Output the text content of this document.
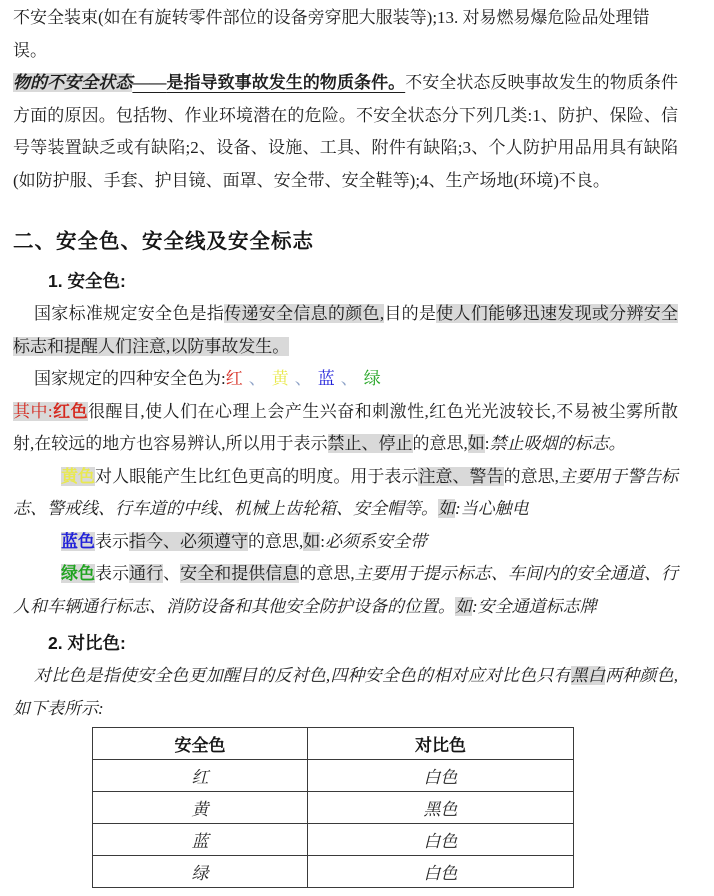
不安全装束(如在有旋转零件部位的设备旁穿肥大服装等);13. 对易燃易爆危险品处理错误。

物的不安全状态——是指导致事故发生的物质条件。不安全状态反映事故发生的物质条件方面的原因。包括物、作业环境潜在的危险。不安全状态分下列几类:1、防护、保险、信号等装置缺乏或有缺陷;2、设备、设施、工具、附件有缺陷;3、个人防护用品用具有缺陷(如防护服、手套、护目镜、面罩、安全带、安全鞋等);4、生产场地(环境)不良。

二、安全色、安全线及安全标志
1. 安全色:

国家标准规定安全色是指传递安全信息的颜色,目的是使人们能够迅速发现或分辨安全标志和提醒人们注意,以防事故发生。

国家规定的四种安全色为:红、黄、蓝、绿

其中:红色很醒目,使人们在心理上会产生兴奋和刺激性,红色光光波较长,不易被尘雾所散射,在较远的地方也容易辨认,所以用于表示禁止、停止的意思,如:禁止吸烟的标志。

黄色对人眼能产生比红色更高的明度。用于表示注意、警告的意思,主要用于警告标志、警戒线、行车道的中线、机械上齿轮箱、安全帽等。如:当心触电

蓝色表示指今、必须遵守的意思,如:必须系安全带

绿色表示通行、安全和提供信息的意思,主要用于提示标志、车间内的安全通道、行人和车辆通行标志、消防设备和其他安全防护设备的位置。如:安全通道标志牌

2. 对比色:

对比色是指使安全色更加醒目的反衬色,四种安全色的相对应对比色只有黑白两种颜色,如下表所示:

安全色	对比色
红	白色
黄	黑色
蓝	白色
绿	白色
